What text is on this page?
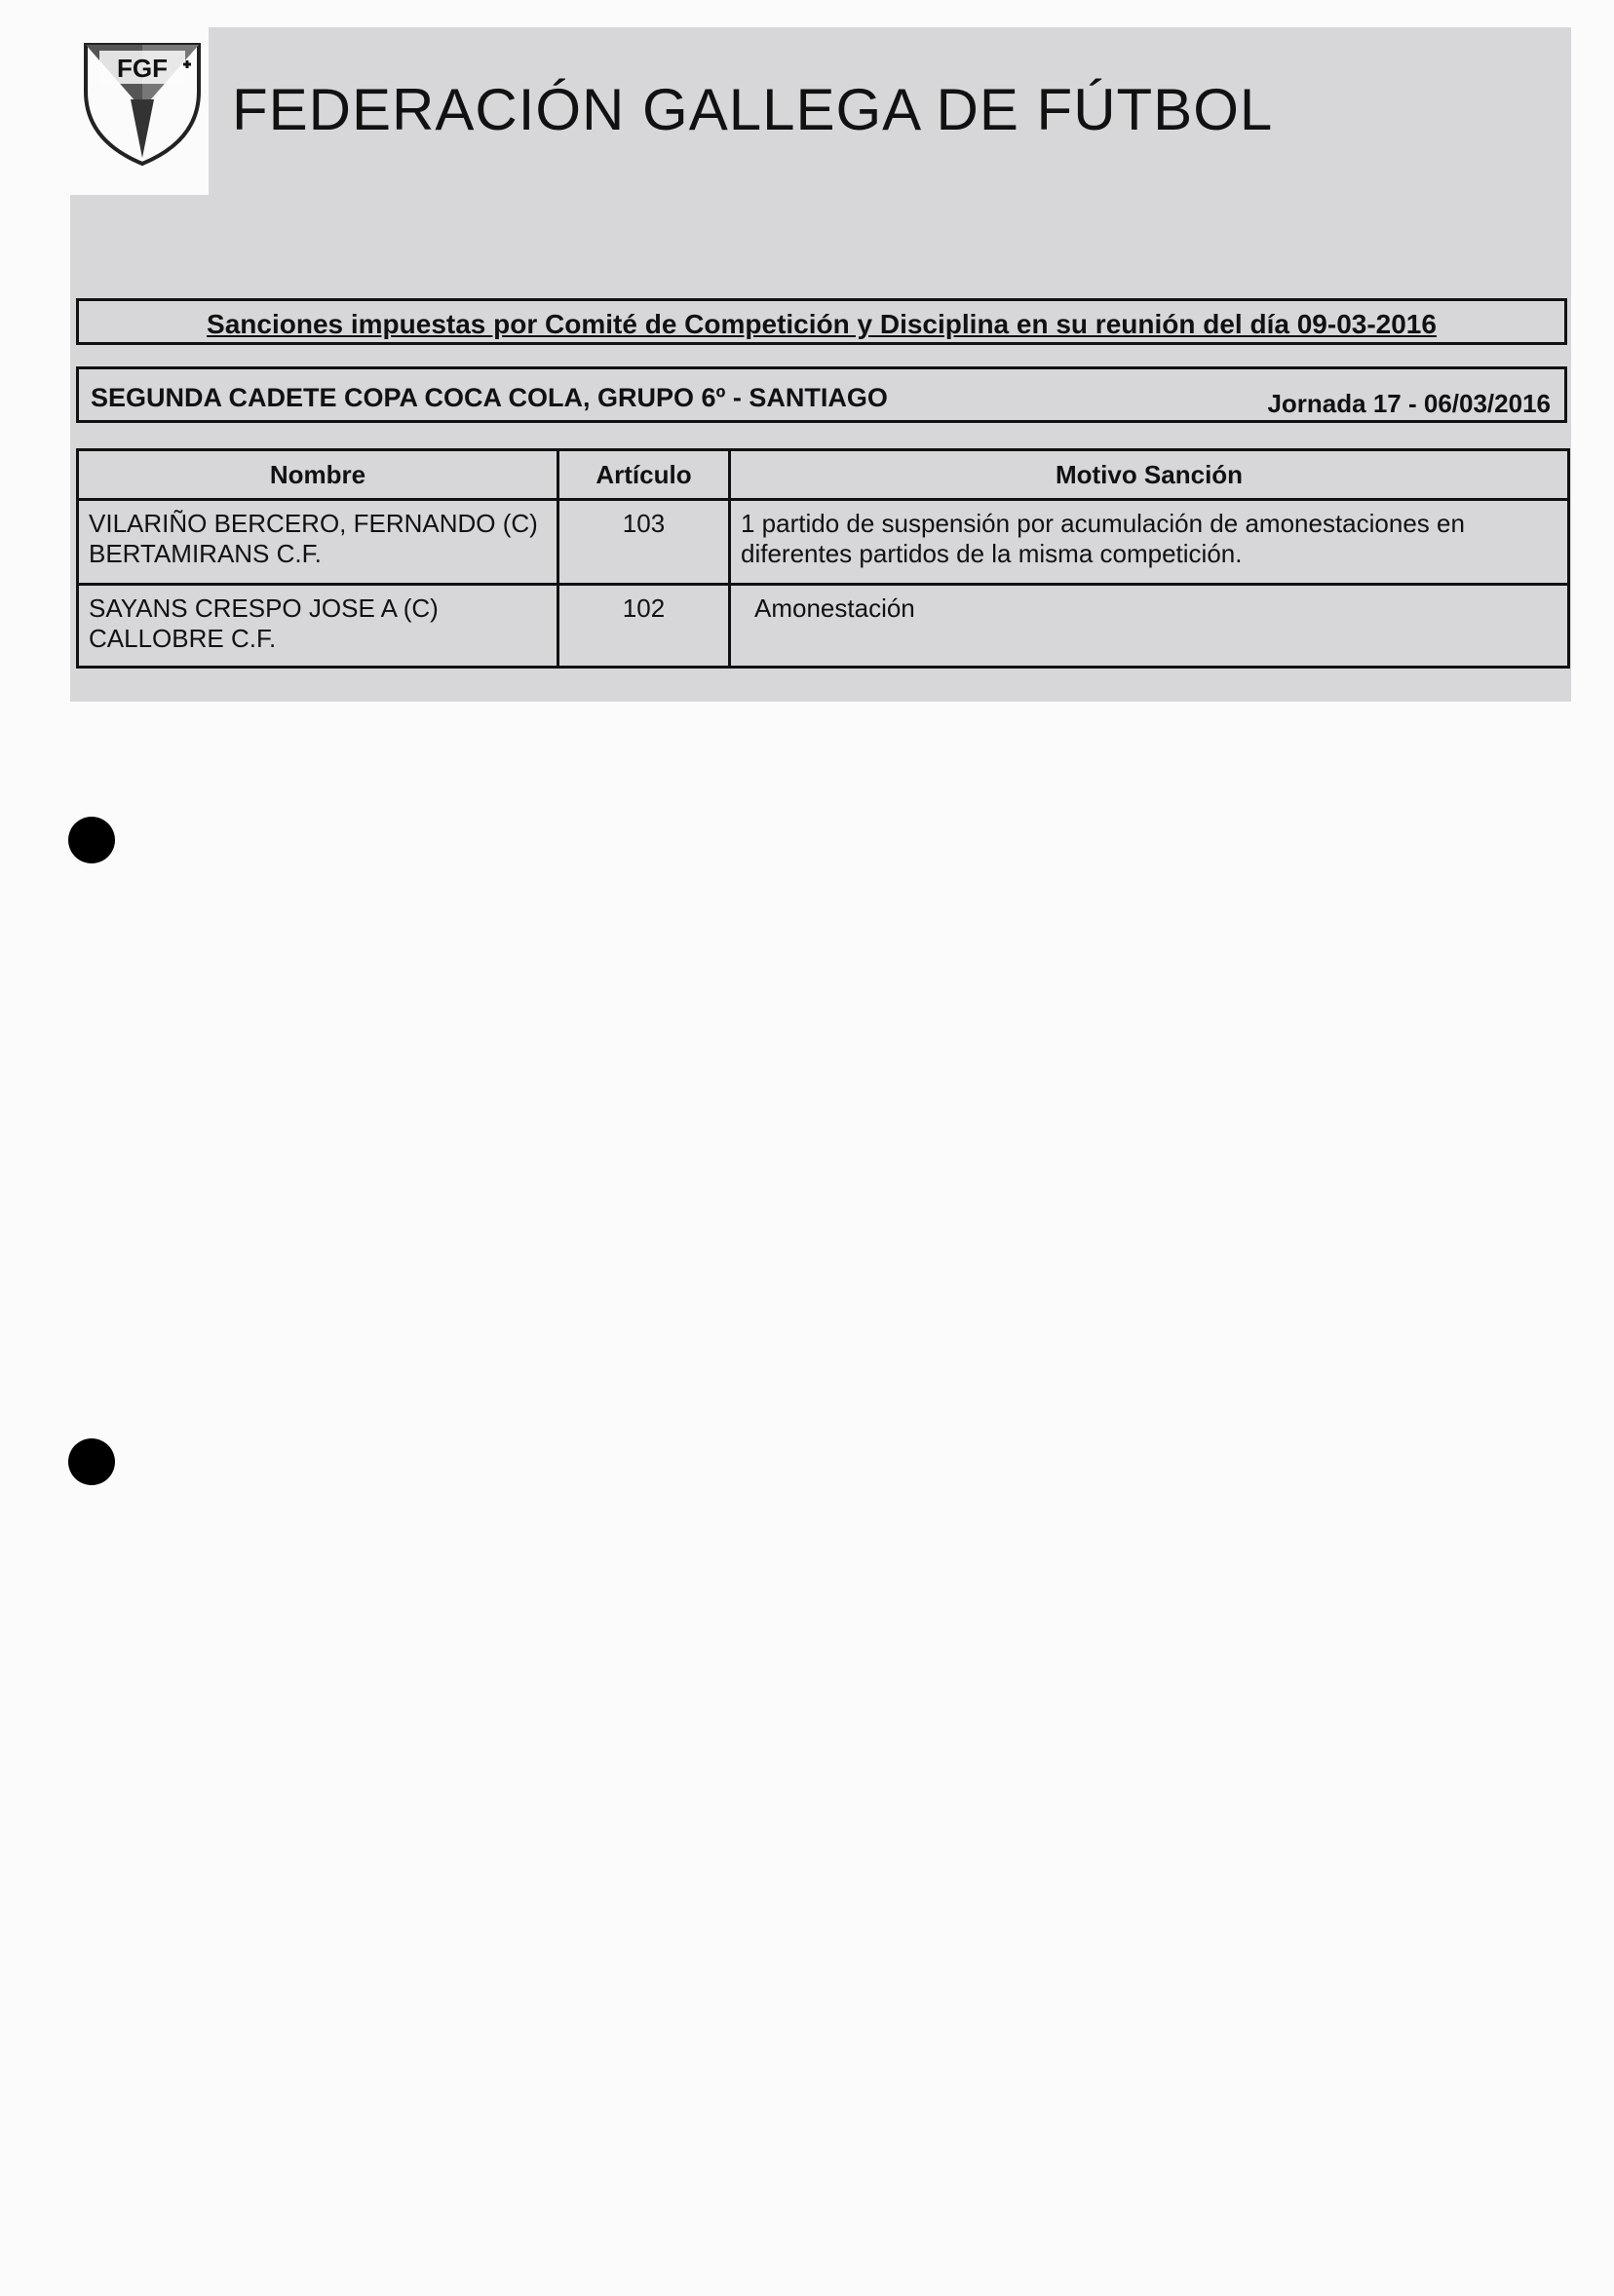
FGF
FEDERACIÓN GALLEGA DE FÚTBOL
Sanciones impuestas por Comité de Competición y Disciplina en su reunión del día 09-03-2016
SEGUNDA CADETE COPA COCA COLA, GRUPO 6º - SANTIAGO	Jornada 17 - 06/03/2016
Nombre	Artículo	Motivo Sanción

VILARIÑO BERCERO, FERNANDO (C)
BERTAMIRANS C.F.	103	1 partido de suspensión por acumulación de amonestaciones en
diferentes partidos de la misma competición.

SAYANS CRESPO JOSE A (C)
CALLOBRE C.F.	102	Amonestación
